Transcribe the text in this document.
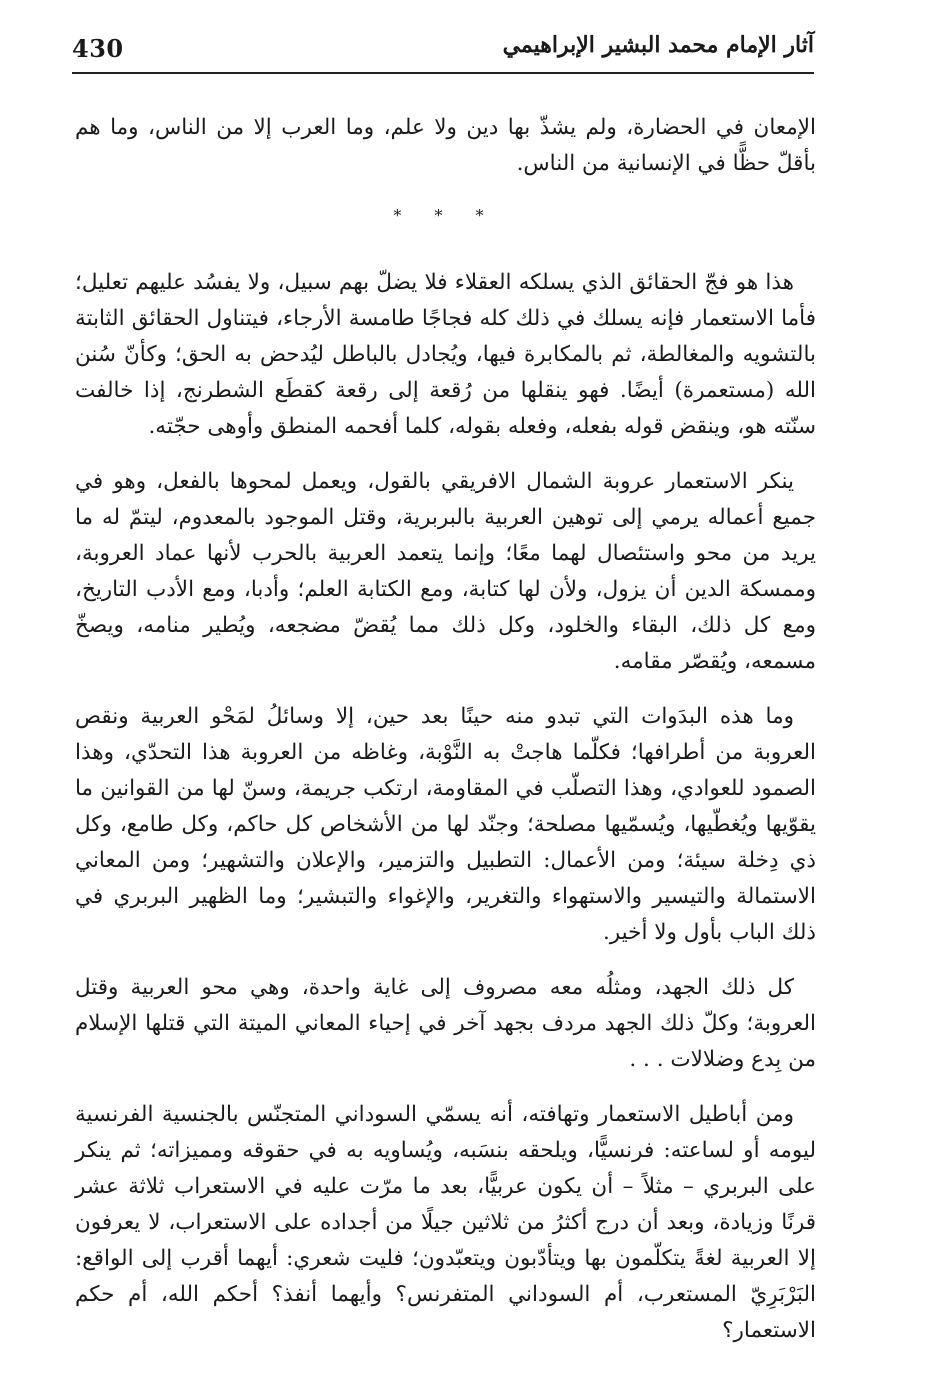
430	آثار الإمام محمد البشير الإبراهيمي

الإمعان في الحضارة، ولم يشذّ بها دين ولا علم، وما العرب إلا من الناس، وما هم بأقلّ حظًّا في الإنسانية من الناس.

* * *

هذا هو فجّ الحقائق الذي يسلكه العقلاء فلا يضلّ بهم سبيل، ولا يفسُد عليهم تعليل؛ فأما الاستعمار فإنه يسلك في ذلك كله فجاجًا طامسة الأرجاء، فيتناول الحقائق الثابتة بالتشويه والمغالطة، ثم بالمكابرة فيها، ويُجادل بالباطل ليُدحض به الحق؛ وكأنّ سُنن الله (مستعمرة) أيضًا. فهو ينقلها من رُقعة إلى رقعة كقطَع الشطرنج، إذا خالفت سنّته هو، وينقض قوله بفعله، وفعله بقوله، كلما أفحمه المنطق وأوهى حجّته.

ينكر الاستعمار عروبة الشمال الافريقي بالقول، ويعمل لمحوها بالفعل، وهو في جميع أعماله يرمي إلى توهين العربية بالبربرية، وقتل الموجود بالمعدوم، ليتمّ له ما يريد من محو واستئصال لهما معًا؛ وإنما يتعمد العربية بالحرب لأنها عماد العروبة، وممسكة الدين أن يزول، ولأن لها كتابة، ومع الكتابة العلم؛ وأدبا، ومع الأدب التاريخ، ومع كل ذلك، البقاء والخلود، وكل ذلك مما يُقضّ مضجعه، ويُطير منامه، ويصخّ مسمعه، ويُقصّر مقامه.

وما هذه البدَوات التي تبدو منه حينًا بعد حين، إلا وسائلُ لمَحْو العربية ونقص العروبة من أطرافها؛ فكلّما هاجتْ به النَّوْبة، وغاظه من العروبة هذا التحدّي، وهذا الصمود للعوادي، وهذا التصلّب في المقاومة، ارتكب جريمة، وسنّ لها من القوانين ما يقوّيها ويُغطّيها، ويُسمّيها مصلحة؛ وجنّد لها من الأشخاص كل حاكم، وكل طامع، وكل ذي دِخلة سيئة؛ ومن الأعمال: التطبيل والتزمير، والإعلان والتشهير؛ ومن المعاني الاستمالة والتيسير والاستهواء والتغرير، والإغواء والتبشير؛ وما الظهير البربري في ذلك الباب بأول ولا أخير.

كل ذلك الجهد، ومثلُه معه مصروف إلى غاية واحدة، وهي محو العربية وقتل العروبة؛ وكلّ ذلك الجهد مردف بجهد آخر في إحياء المعاني الميتة التي قتلها الإسلام من بِدع وضلالات . . .

ومن أباطيل الاستعمار وتهافته، أنه يسمّي السوداني المتجنّس بالجنسية الفرنسية ليومه أو لساعته: فرنسيًّا، ويلحقه بنسَبه، ويُساويه به في حقوقه ومميزاته؛ ثم ينكر على البربري – مثلاً – أن يكون عربيًّا، بعد ما مرّت عليه في الاستعراب ثلاثة عشر قرنًا وزيادة، وبعد أن درج أكثرُ من ثلاثين جيلًا من أجداده على الاستعراب، لا يعرفون إلا العربية لغةً يتكلّمون بها ويتأدّبون ويتعبّدون؛ فليت شعري: أيهما أقرب إلى الواقع: البَرْبَرِيّ المستعرب، أم السوداني المتفرنس؟ وأيهما أنفذ؟ أحكم الله، أم حكم الاستعمار؟
